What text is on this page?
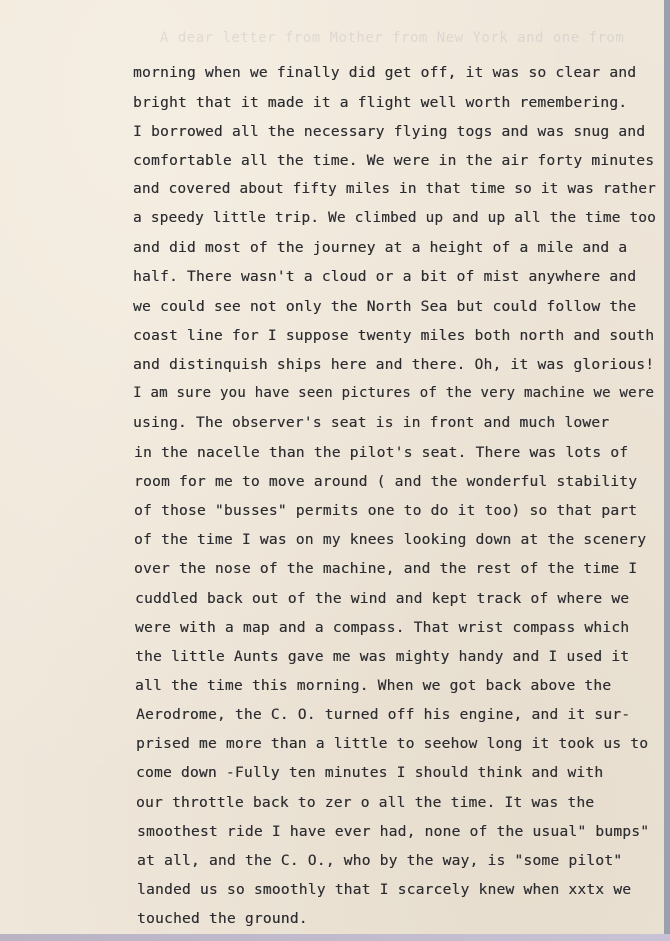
A dear letter from Mother from New York and one from
morning when we finally did get off, it was so clear and
bright that it made it a flight well worth remembering.
I borrowed all the necessary flying togs and was snug and
comfortable all the time. We were in the air forty minutes
and covered about fifty miles in that time so it was rather
a speedy little trip. We climbed up and up all the time too
and did most of the journey at a height of a mile and a
half. There wasn't a cloud or a bit of mist anywhere and
we could see not only the North Sea but could follow the
coast line for I suppose twenty miles both north and south
and distinquish ships here and there. Oh, it was glorious!
I am sure you have seen pictures of the very machine we were
using. The observer's seat is in front and much lower
in the nacelle than the pilot's seat. There was lots of
room for me to move around ( and the wonderful stability
of those "busses" permits one to do it too) so that part
of the time I was on my knees looking down at the scenery
over the nose of the machine, and the rest of the time I
cuddled back out of the wind and kept track of where we
were with a map and a compass. That wrist compass which
the little Aunts gave me was mighty handy and I used it
all the time this morning. When we got back above the
Aerodrome, the C. O. turned off his engine, and it sur-
prised me more than a little to seehow long it took us to
come down -Fully ten minutes I should think and with
our throttle back to zer o all the time. It was the
smoothest ride I have ever had, none of the usual" bumps"
at all, and the C. O., who by the way, is "some pilot"
landed us so smoothly that I scarcely knew when xxtx we
touched the ground.
